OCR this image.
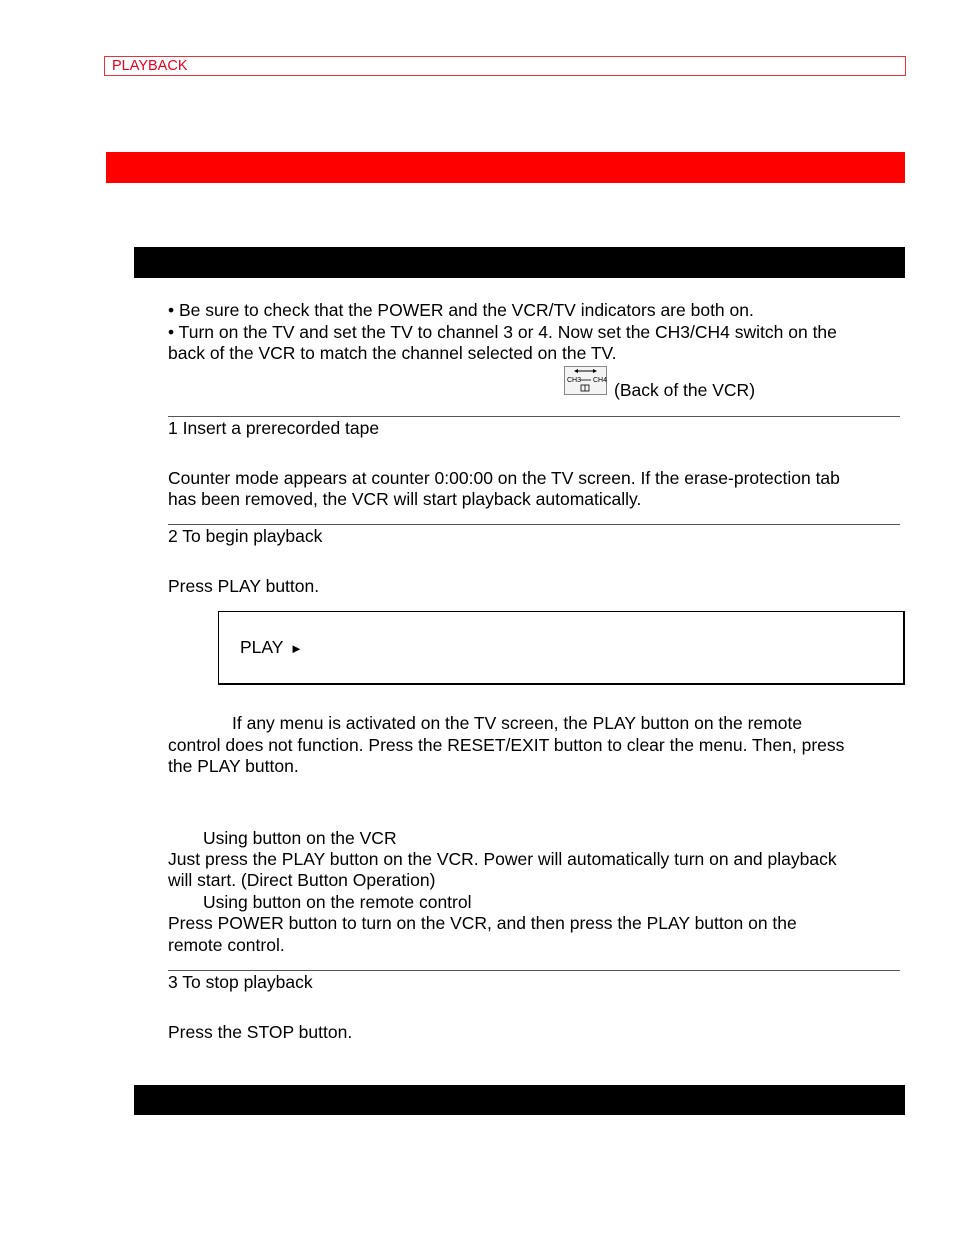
PLAYBACK
• Be sure to check that the POWER and the VCR/TV indicators are both on.
• Turn on the TV and set the TV to channel 3 or 4. Now set the CH3/CH4 switch on the
back of the VCR to match the channel selected on the TV.
CH3 CH4 (Back of the VCR)
1 Insert a prerecorded tape
Counter mode appears at counter 0:00:00 on the TV screen. If the erase-protection tab
has been removed, the VCR will start playback automatically.
2 To begin playback
Press PLAY button.
PLAY ►
If any menu is activated on the TV screen, the PLAY button on the remote
control does not function. Press the RESET/EXIT button to clear the menu. Then, press
the PLAY button.
Using button on the VCR
Just press the PLAY button on the VCR. Power will automatically turn on and playback
will start. (Direct Button Operation)
Using button on the remote control
Press POWER button to turn on the VCR, and then press the PLAY button on the
remote control.
3 To stop playback
Press the STOP button.
